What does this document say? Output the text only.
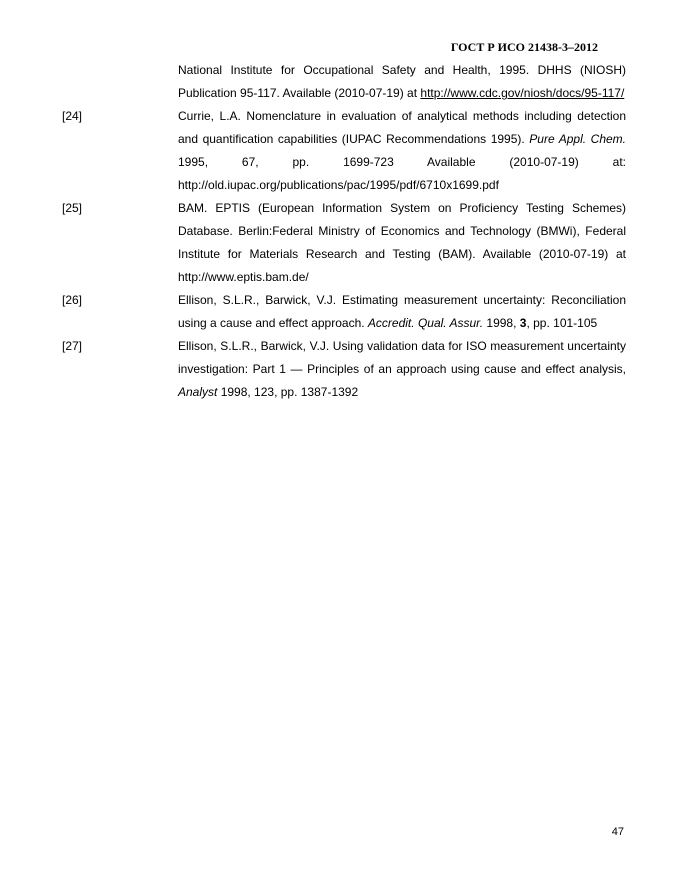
ГОСТ Р ИСО 21438-3–2012
National Institute for Occupational Safety and Health, 1995. DHHS (NIOSH) Publication 95-117. Available (2010-07-19) at http://www.cdc.gov/niosh/docs/95-117/
[24]	Currie, L.A. Nomenclature in evaluation of analytical methods including detection and quantification capabilities (IUPAC Recommendations 1995). Pure Appl. Chem. 1995, 67, pp. 1699-723 Available (2010-07-19) at: http://old.iupac.org/publications/pac/1995/pdf/6710x1699.pdf
[25]	BAM. EPTIS (European Information System on Proficiency Testing Schemes) Database. Berlin:Federal Ministry of Economics and Technology (BMWi), Federal Institute for Materials Research and Testing (BAM). Available (2010-07-19) at http://www.eptis.bam.de/
[26]	Ellison, S.L.R., Barwick, V.J. Estimating measurement uncertainty: Reconciliation using a cause and effect approach. Accredit. Qual. Assur. 1998, 3, pp. 101-105
[27]	Ellison, S.L.R., Barwick, V.J. Using validation data for ISO measurement uncertainty investigation: Part 1 — Principles of an approach using cause and effect analysis, Analyst 1998, 123, pp. 1387-1392
47
